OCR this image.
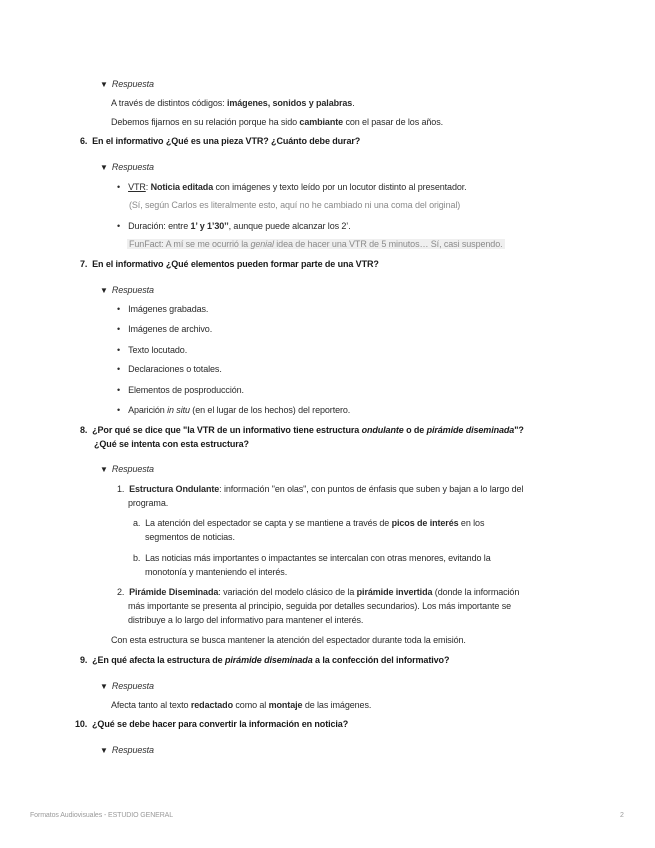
▼ Respuesta
A través de distintos códigos: imágenes, sonidos y palabras.
Debemos fijarnos en su relación porque ha sido cambiante con el pasar de los años.
6. En el informativo ¿Qué es una pieza VTR? ¿Cuánto debe durar?
▼ Respuesta
• VTR: Noticia editada con imágenes y texto leído por un locutor distinto al presentador.
(Sí, según Carlos es literalmente esto, aquí no he cambiado ni una coma del original)
• Duración: entre 1’ y 1’30’’, aunque puede alcanzar los 2’.
FunFact: A mí se me ocurrió la genial idea de hacer una VTR de 5 minutos… Sí, casi suspendo.
7. En el informativo ¿Qué elementos pueden formar parte de una VTR?
▼ Respuesta
• Imágenes grabadas.
• Imágenes de archivo.
• Texto locutado.
• Declaraciones o totales.
• Elementos de posproducción.
• Aparición in situ (en el lugar de los hechos) del reportero.
8. ¿Por qué se dice que "la VTR de un informativo tiene estructura ondulante o de pirámide diseminada"?
¿Qué se intenta con esta estructura?
▼ Respuesta
1. Estructura Ondulante: información "en olas", con puntos de énfasis que suben y bajan a lo largo del
programa.
a. La atención del espectador se capta y se mantiene a través de picos de interés en los
segmentos de noticias.
b. Las noticias más importantes o impactantes se intercalan con otras menores, evitando la
monotonía y manteniendo el interés.
2. Pirámide Diseminada: variación del modelo clásico de la pirámide invertida (donde la información
más importante se presenta al principio, seguida por detalles secundarios). Los más importante se
distribuye a lo largo del informativo para mantener el interés.
Con esta estructura se busca mantener la atención del espectador durante toda la emisión.
9. ¿En qué afecta la estructura de pirámide diseminada a la confección del informativo?
▼ Respuesta
Afecta tanto al texto redactado como al montaje de las imágenes.
10. ¿Qué se debe hacer para convertir la información en noticia?
▼ Respuesta
Formatos Audiovisuales - ESTUDIO GENERAL	2
